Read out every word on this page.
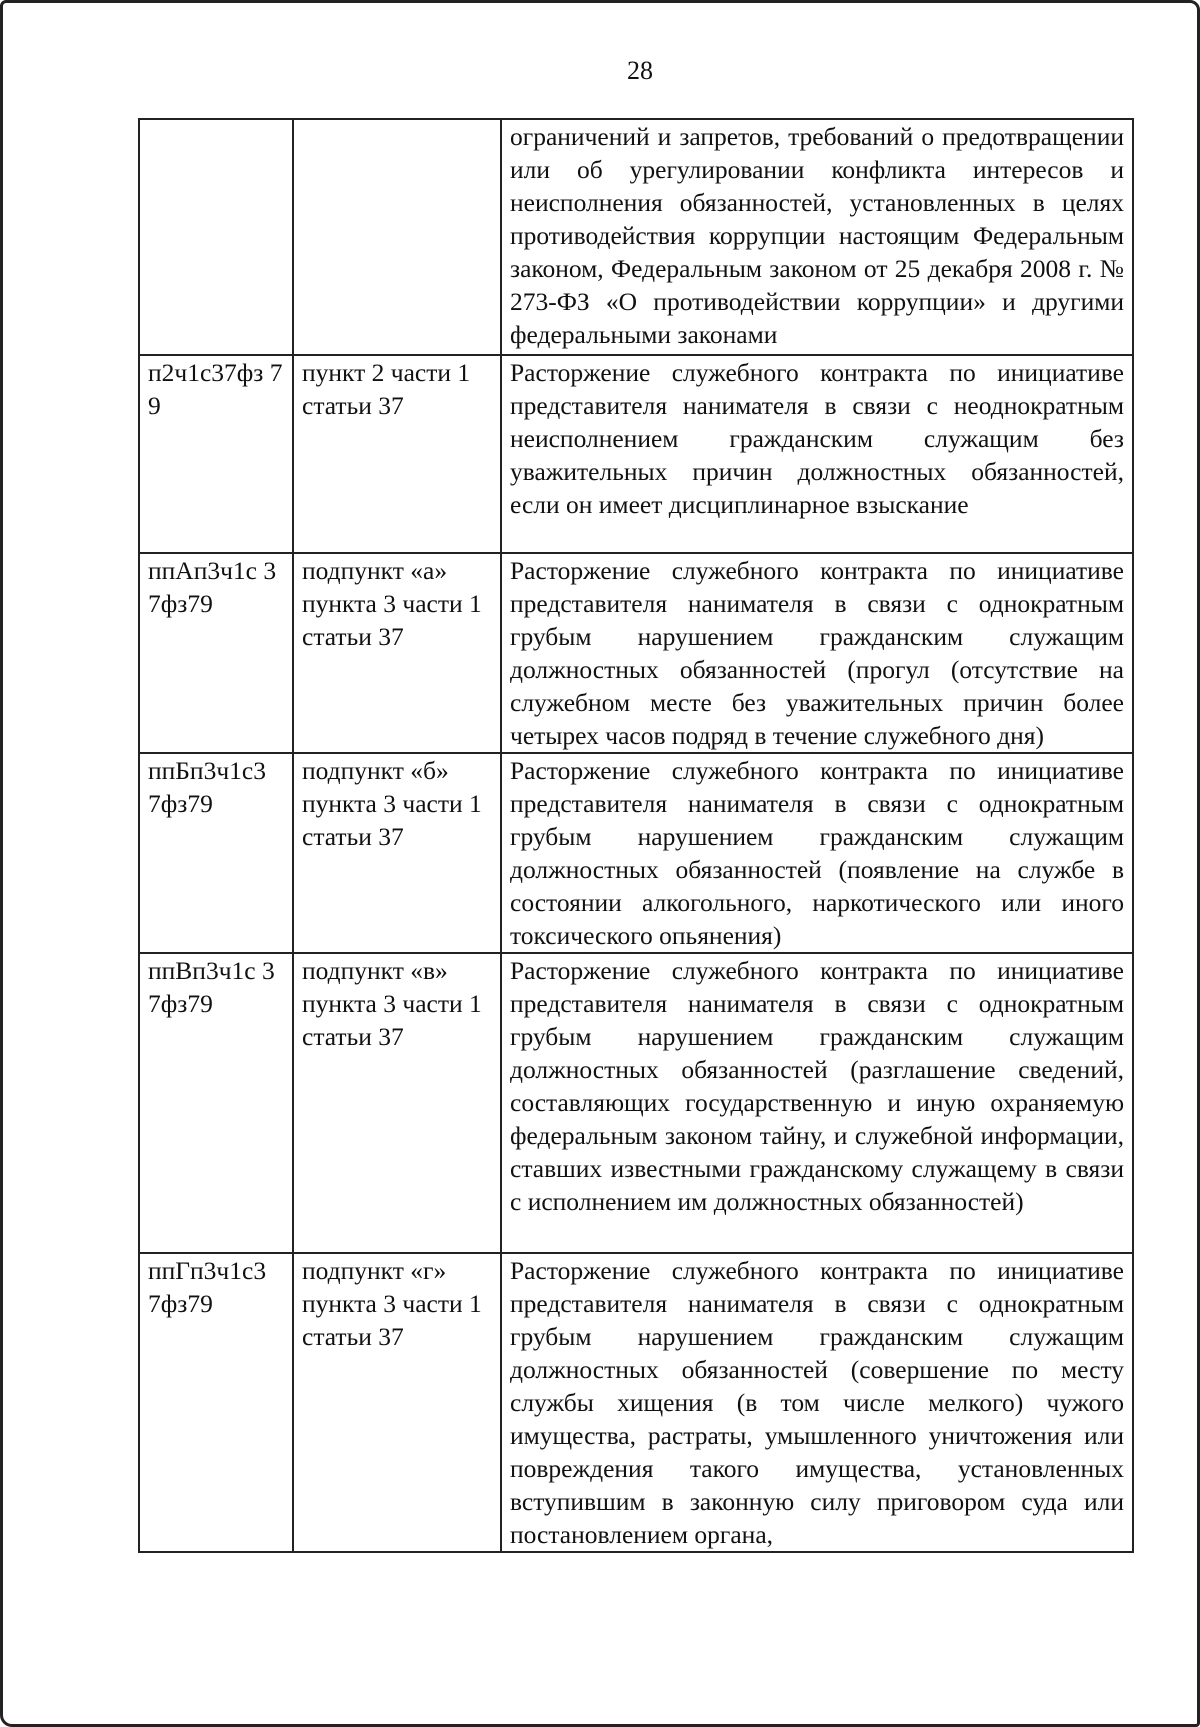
28
		ограничений и запретов, требований о предотвращении или об урегулировании конфликта интересов и неисполнения обязанностей, установленных в целях противодействия коррупции настоящим Федеральным законом, Федеральным законом от 25 декабря 2008 г. № 273-ФЗ «О противодействии коррупции» и другими федеральными законами
п2ч1с37фз 79	пункт 2 части 1 статьи 37	Расторжение служебного контракта по инициативе представителя нанимателя в связи с неоднократным неисполнением гражданским служащим без уважительных причин должностных обязанностей, если он имеет дисциплинарное взыскание
ппАп3ч1с 37фз79	подпункт «а» пункта 3 части 1 статьи 37	Расторжение служебного контракта по инициативе представителя нанимателя в связи с однократным грубым нарушением гражданским служащим должностных обязанностей (прогул (отсутствие на служебном месте без уважительных причин более четырех часов подряд в течение служебного дня)
ппБп3ч1с3 7фз79	подпункт «б» пункта 3 части 1 статьи 37	Расторжение служебного контракта по инициативе представителя нанимателя в связи с однократным грубым нарушением гражданским служащим должностных обязанностей (появление на службе в состоянии алкогольного, наркотического или иного токсического опьянения)
ппВп3ч1с 37фз79	подпункт «в» пункта 3 части 1 статьи 37	Расторжение служебного контракта по инициативе представителя нанимателя в связи с однократным грубым нарушением гражданским служащим должностных обязанностей (разглашение сведений, составляющих государственную и иную охраняемую федеральным законом тайну, и служебной информации, ставших известными гражданскому служащему в связи с исполнением им должностных обязанностей)
ппГп3ч1с3 7фз79	подпункт «г» пункта 3 части 1 статьи 37	Расторжение служебного контракта по инициативе представителя нанимателя в связи с однократным грубым нарушением гражданским служащим должностных обязанностей (совершение по месту службы хищения (в том числе мелкого) чужого имущества, растраты, умышленного уничтожения или повреждения такого имущества, установленных вступившим в законную силу приговором суда или постановлением органа,
